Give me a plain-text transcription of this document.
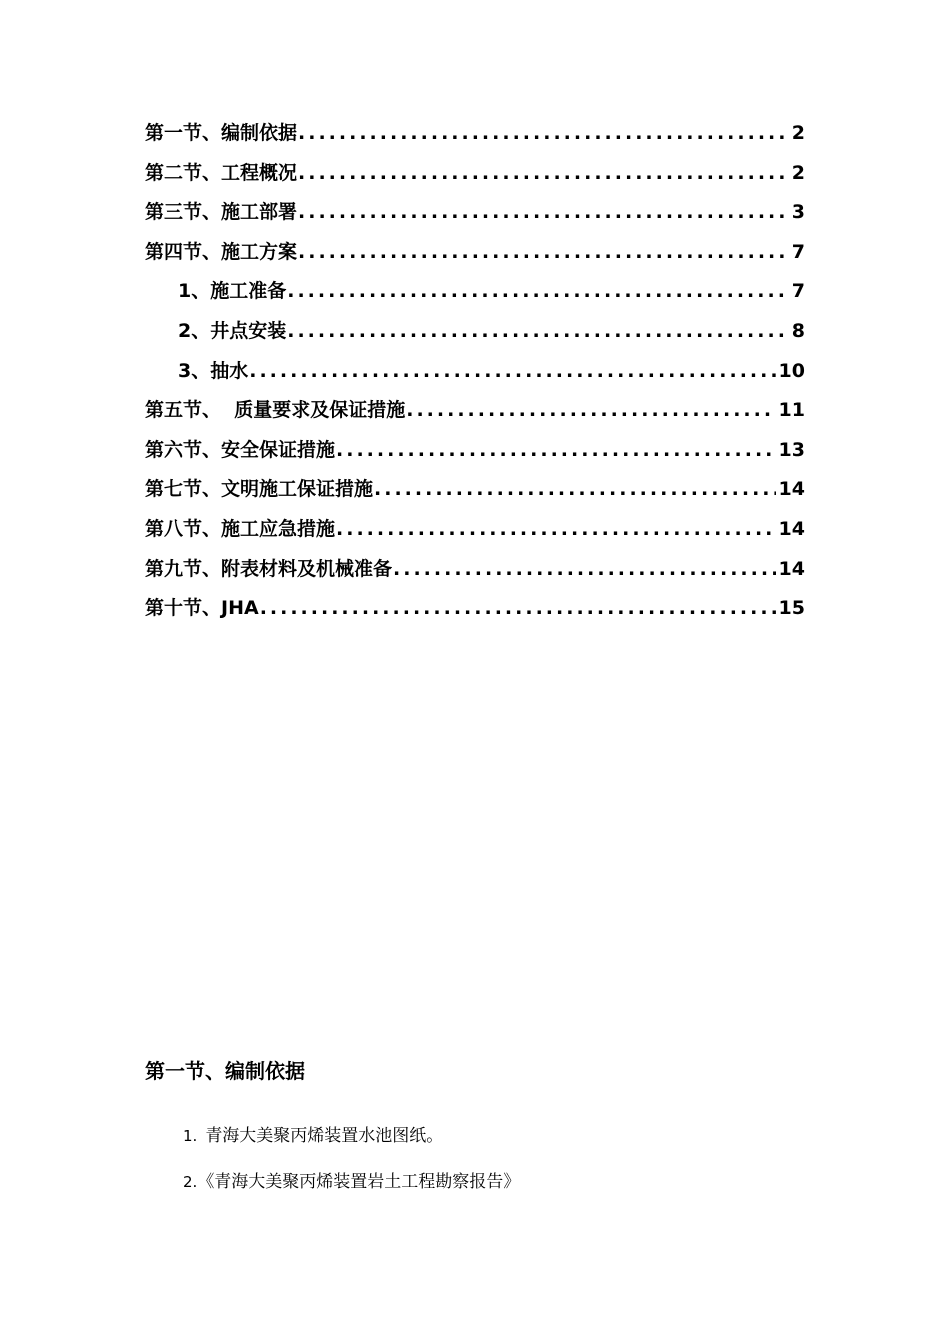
第一节、编制依据 .....	2
第二节、工程概况 .....	2
第三节、施工部署 .....	3
第四节、施工方案 .....	7
1、施工准备 .....	7
2、井点安装 .....	8
3、抽水 .....	10
第五节、  质量要求及保证措施 .....	11
第六节、安全保证措施 .....	13
第七节、文明施工保证措施 .....	14
第八节、施工应急措施 .....	14
第九节、附表材料及机械准备 .....	14
第十节、JHA .....	15
第一节、编制依据
1. 青海大美聚丙烯装置水池图纸。
2.《青海大美聚丙烯装置岩土工程勘察报告》
